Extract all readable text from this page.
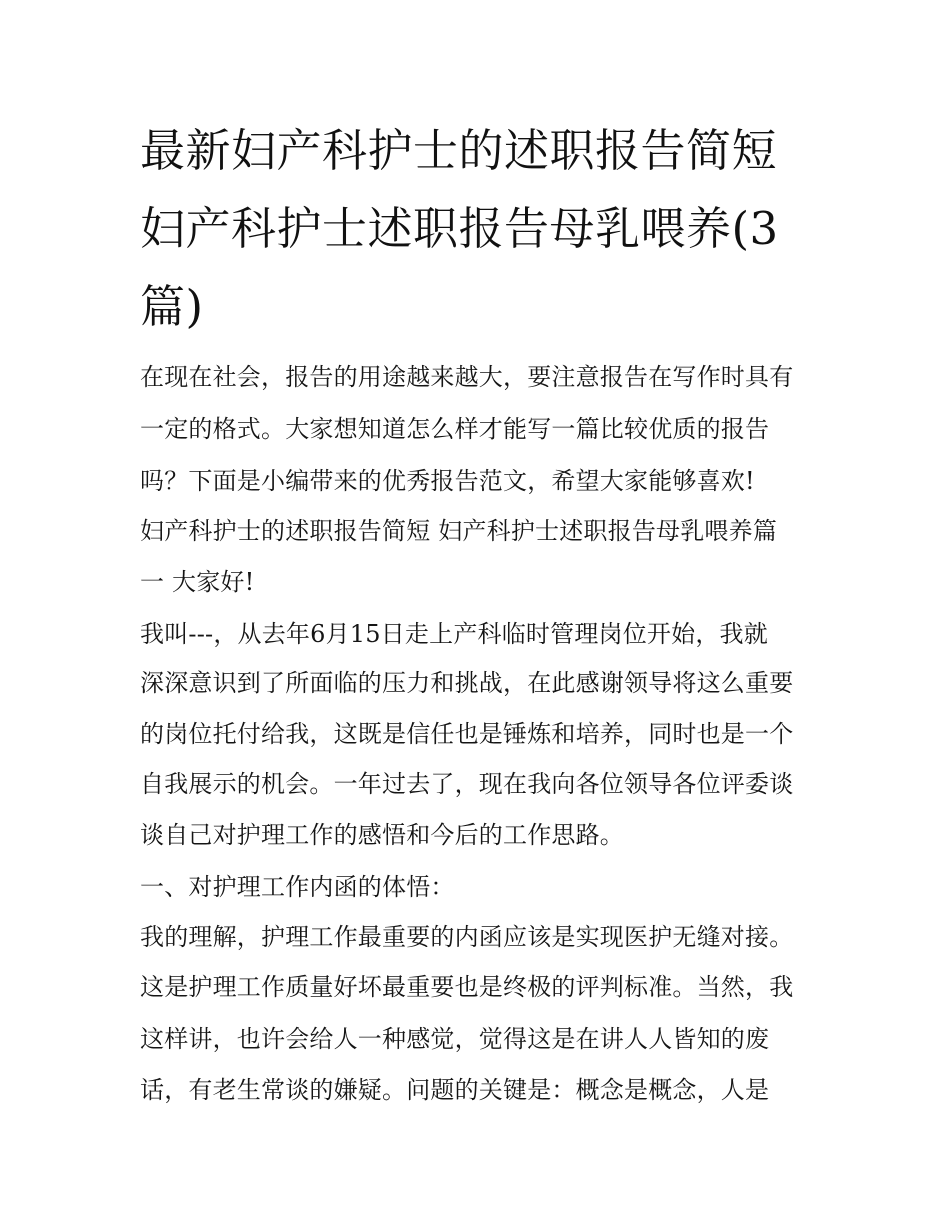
最新妇产科护士的述职报告简短 妇产科护士述职报告母乳喂养(3篇)

在现在社会，报告的用途越来越大，要注意报告在写作时具有

一定的格式。大家想知道怎么样才能写一篇比较优质的报告

吗？下面是小编带来的优秀报告范文，希望大家能够喜欢!

妇产科护士的述职报告简短 妇产科护士述职报告母乳喂养篇

一 大家好!

我叫---，从去年6月15日走上产科临时管理岗位开始，我就

深深意识到了所面临的压力和挑战，在此感谢领导将这么重要

的岗位托付给我，这既是信任也是锤炼和培养，同时也是一个

自我展示的机会。一年过去了，现在我向各位领导各位评委谈

谈自己对护理工作的感悟和今后的工作思路。

一、对护理工作内函的体悟：

我的理解，护理工作最重要的内函应该是实现医护无缝对接。

这是护理工作质量好坏最重要也是终极的评判标准。当然，我

这样讲，也许会给人一种感觉，觉得这是在讲人人皆知的废

话，有老生常谈的嫌疑。问题的关键是：概念是概念，人是
